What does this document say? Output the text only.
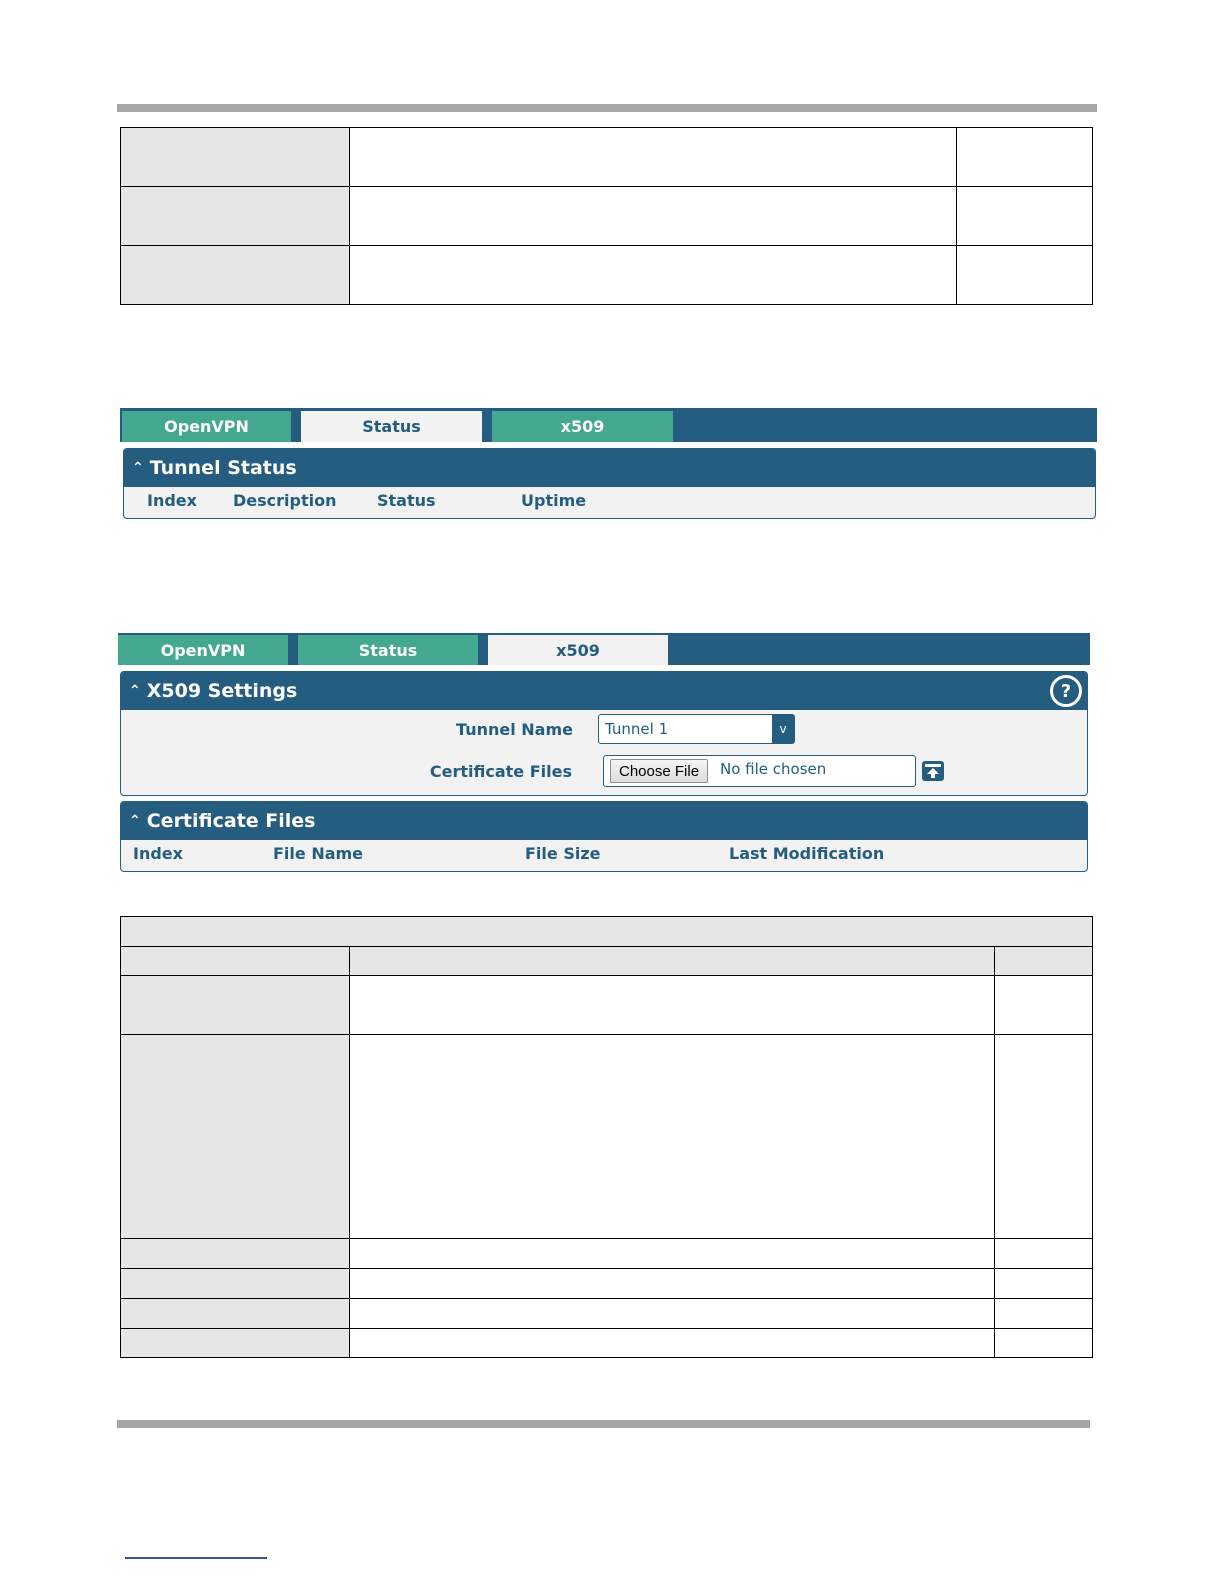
OpenVPN	Status	x509
⌃ Tunnel Status
Index Description	Status	Uptime
OpenVPN	Status	x509
⌃ X509 Settings	?
Tunnel Name Tunnel 1	v
Certificate Files	Choose File	No file chosen
⌃ Certificate Files
Index	File Name	File Size	Last Modification
